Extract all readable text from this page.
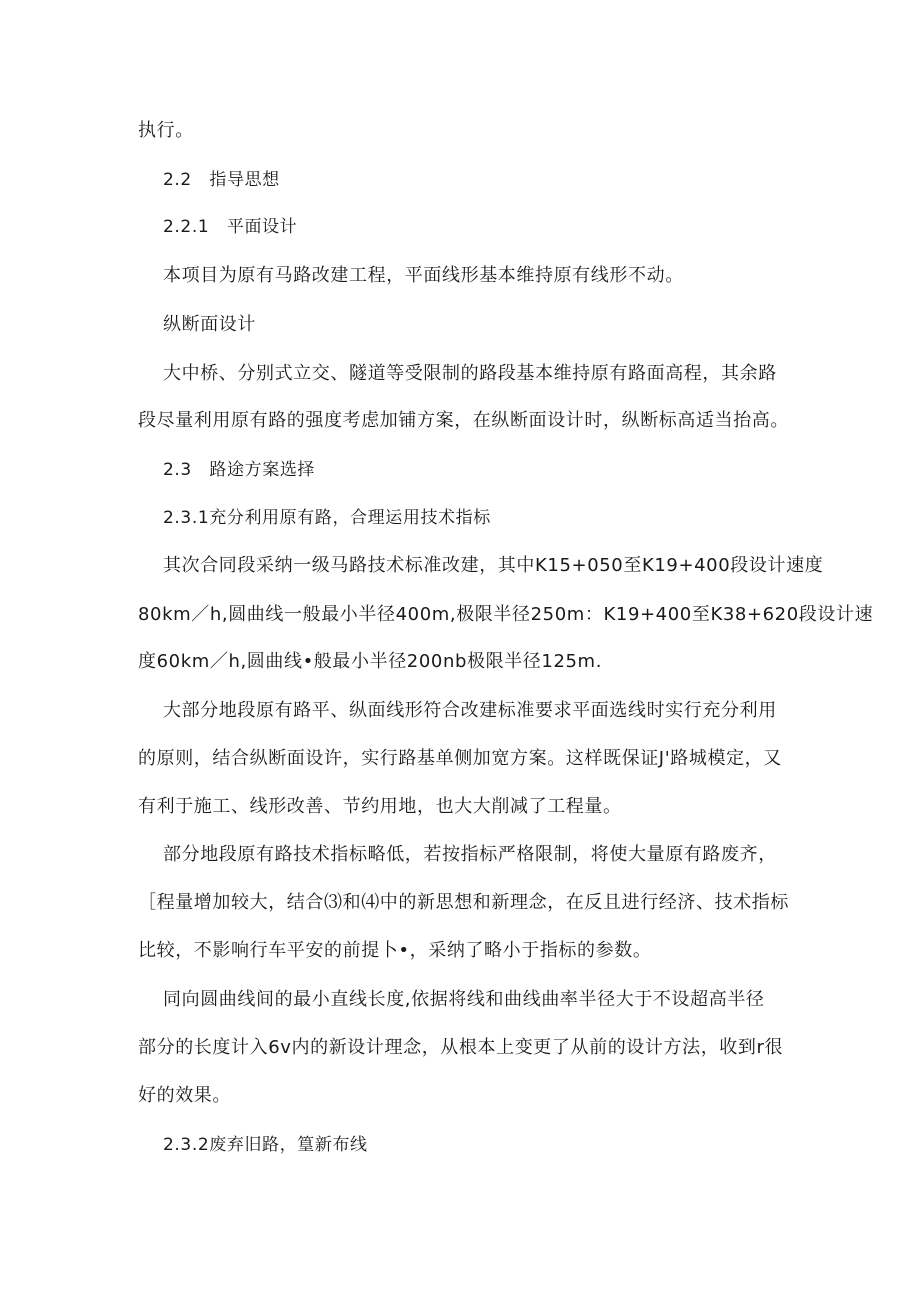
执行。
2.2　指导思想
2.2.1　平面设计
本项目为原有马路改建工程，平面线形基本维持原有线形不动。
纵断面设计
大中桥、分别式立交、隧道等受限制的路段基本维持原有路面高程，其余路
段尽量利用原有路的强度考虑加铺方案，在纵断面设计时，纵断标高适当抬高。
2.3　路途方案选择
2.3.1充分利用原有路，合理运用技术指标
其次合同段采纳一级马路技术标准改建，其中K15+050至K19+400段设计速度
80km／h,圆曲线一般最小半径400m,极限半径250m：K19+400至K38+620段设计速
度60km／h,圆曲线•般最小半径200nb极限半径125m.
大部分地段原有路平、纵面线形符合改建标准要求平面选线时实行充分利用
的原则，结合纵断面设许，实行路基单侧加宽方案。这样既保证J'路城模定，又
有利于施工、线形改善、节约用地，也大大削减了工程量。
部分地段原有路技术指标略低，若按指标严格限制，将使大量原有路废齐，
［程量增加较大，结合⑶和⑷中的新思想和新理念，在反且进行经济、技术指标
比较，不影响行车平安的前提卜•，采纳了略小于指标的参数。
同向圆曲线间的最小直线长度,依据将线和曲线曲率半径大于不设超高半径
部分的长度计入6v内的新设计理念，从根本上变更了从前的设计方法，收到r很
好的效果。
2.3.2废弃旧路，篁新布线
